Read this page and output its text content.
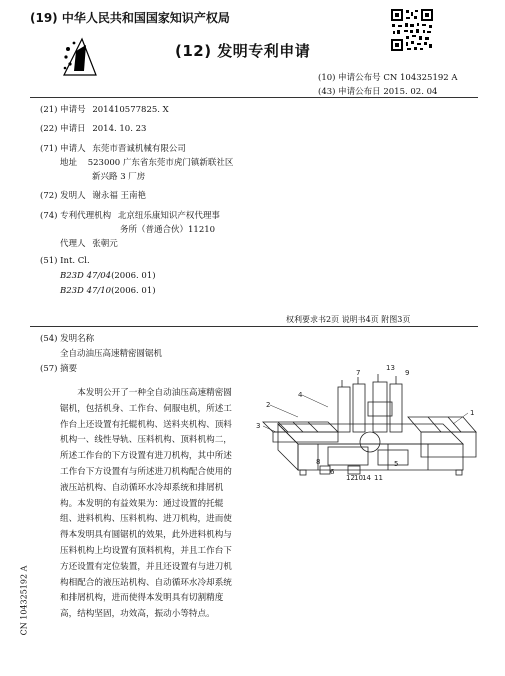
(19) 中华人民共和国国家知识产权局
(12) 发明专利申请
(10) 申请公布号 CN 104325192 A
(43) 申请公布日 2015. 02. 04
(21) 申请号 201410577825. X
(22) 申请日 2014. 10. 23
(71) 申请人 东莞市晋诚机械有限公司
地址 523000 广东省东莞市虎门镇新联社区
新兴路 3 厂房
(72) 发明人 谢永福 王南艳
(74) 专利代理机构 北京纽乐康知识产权代理事
务所（普通合伙）11210
代理人 张朝元
(51) Int. Cl.
B23D 47/04(2006. 01)
B23D 47/10(2006. 01)
权利要求书2页 说明书4页 附图3页
(54) 发明名称
全自动油压高速精密圆锯机
(57) 摘要

本发明公开了一种全自动油压高速精密圆锯机，包括机身、工作台、伺服电机，所述工作台上还设置有托辊机构、送料夹机构、顶料机构一、线性导轨、压料机构、顶料机构二，所述工作台的下方设置有进刀机构，其中所述工作台下方设置有与所述进刀机构配合使用的液压站机构、自动循环水冷却系统和排屑机构。本发明的有益效果为：通过设置的托辊组、进料机构、压料机构、进刀机构，进而使得本发明具有圆锯机的效果，此外进料机构与压料机构上均设置有顶料机构，并且工作台下方还设置有定位装置，并且还设置有与进刀机构相配合的液压站机构、自动循环水冷却系统和排屑机构，进而使得本发明具有切割精度高，结构坚固，功效高，振动小等特点。

CN 104325192 A
7
13
9
4
2
3
1
8
6
12 10 14 11
5
